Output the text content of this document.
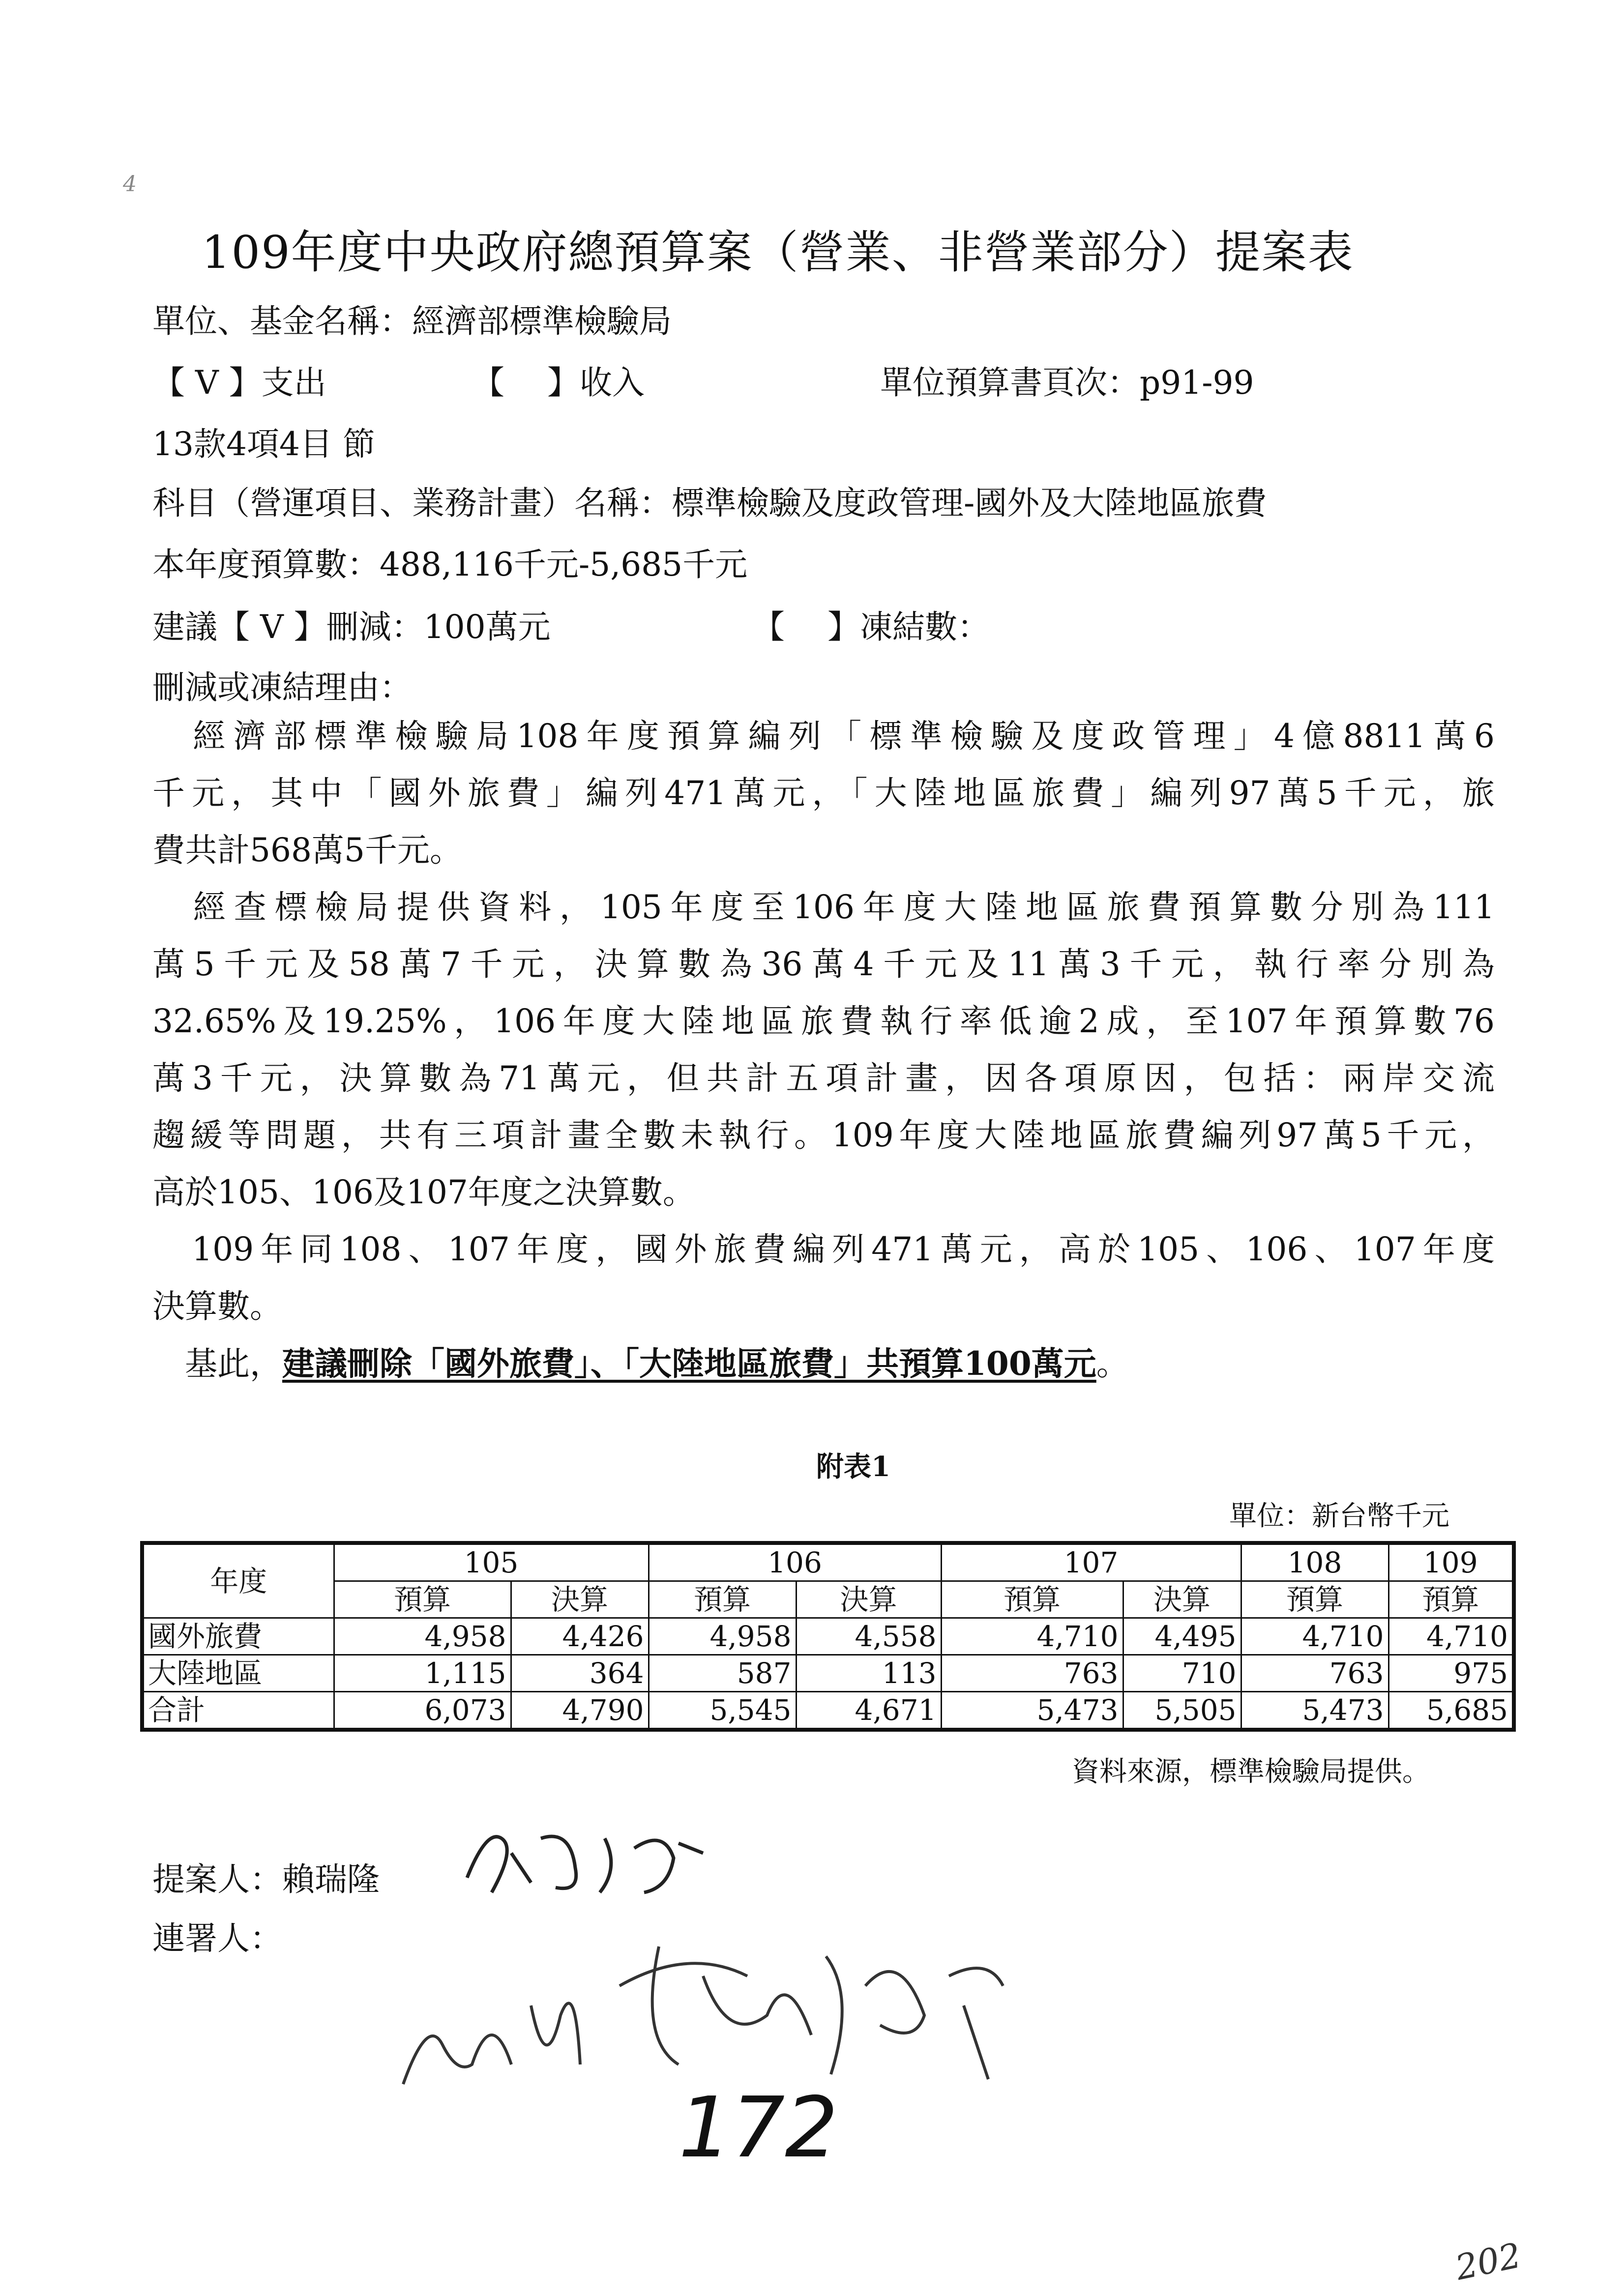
4
109年度中央政府總預算案（營業、非營業部分）提案表
單位、基金名稱：經濟部標準檢驗局
【 V 】支出	【　 】收入	單位預算書頁次：p91-99
13款4項4目 節
科目（營運項目、業務計畫）名稱：標準檢驗及度政管理-國外及大陸地區旅費
本年度預算數：488,116千元-5,685千元
建議【 V 】刪減：100萬元	【　 】凍結數：
刪減或凍結理由：
　經濟部標準檢驗局108年度預算編列「標準檢驗及度政管理」4億8811萬6
千元，其中「國外旅費」編列471萬元，「大陸地區旅費」編列97萬5千元，旅
費共計568萬5千元。
　經查標檢局提供資料，105年度至106年度大陸地區旅費預算數分別為111
萬5千元及58萬7千元，決算數為36萬4千元及11萬3千元，執行率分別為
32.65%及19.25%，106年度大陸地區旅費執行率低逾2成，至107年預算數76
萬3千元，決算數為71萬元，但共計五項計畫，因各項原因，包括：兩岸交流
趨緩等問題，共有三項計畫全數未執行。109年度大陸地區旅費編列97萬5千元，
高於105、106及107年度之決算數。
　109年同108、107年度，國外旅費編列471萬元，高於105、106、107年度
決算數。
　基此，建議刪除「國外旅費」、「大陸地區旅費」共預算100萬元。
附表1
單位：新台幣千元
年度	105		106		107		108	109
	預算	決算	預算	決算	預算	決算	預算	預算
國外旅費	4,958	4,426	4,958	4,558	4,710	4,495	4,710	4,710
大陸地區	1,115	364	587	113	763	710	763	975
合計	6,073	4,790	5,545	4,671	5,473	5,505	5,473	5,685
資料來源，標準檢驗局提供。
提案人：賴瑞隆
連署人：
172
202
